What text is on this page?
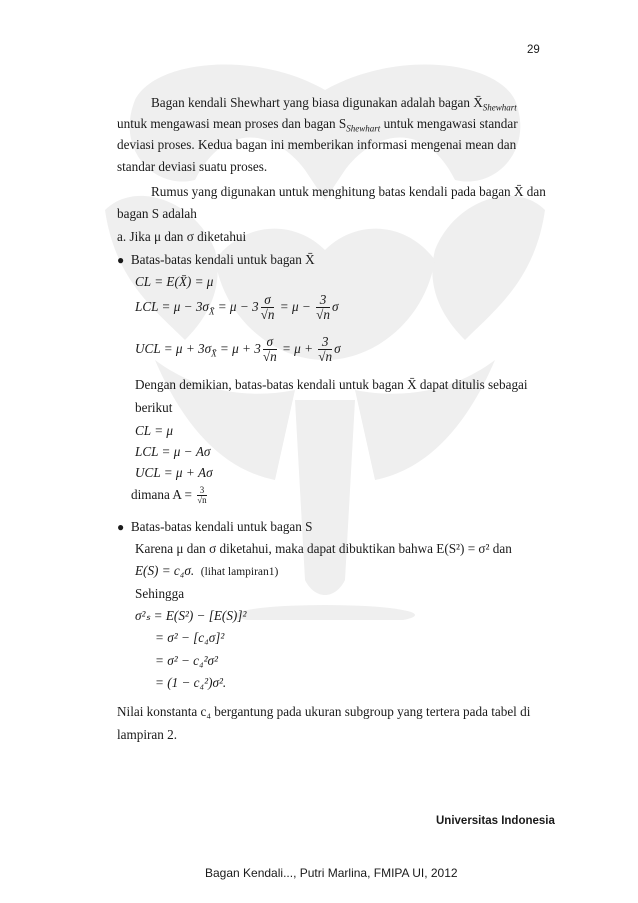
29
Bagan kendali Shewhart yang biasa digunakan adalah bagan $X̄_{Shewhart}$
untuk mengawasi mean proses dan bagan $S_{Shewhart}$ untuk mengawasi standar
deviasi proses. Kedua bagan ini memberikan informasi mengenai mean dan
standar deviasi suatu proses.
Rumus yang digunakan untuk menghitung batas kendali pada bagan X̄ dan
bagan S adalah
a. Jika μ dan σ diketahui
● Batas-batas kendali untuk bagan X̄
CL = E(X̄) = μ
LCL = $\mu - 3\sigma_{X̄} = \mu - 3 \frac{\sigma}{√n} = \mu - \frac{3}{√n}$ σ
UCL = $\mu + 3\sigma_{X̄} = \mu + 3 \frac{\sigma}{√n} = \mu + \frac{3}{√n}$ σ
Dengan demikian, batas-batas kendali untuk bagan X̄ dapat ditulis sebagai
berikut
CL = μ
LCL = μ − Aσ
UCL = μ + Aσ
dimana $A = \frac{3}{√n}$
● Batas-batas kendali untuk bagan S
Karena μ dan σ diketahui, maka dapat dibuktikan bahwa E(S²) = σ² dan
E(S) = c₄σ. (lihat lampiran1)
Sehingga
σ²ₛ = E(S²) − [E(S)]²
= σ² − [c₄σ]²
= σ² − c₄²σ²
= (1 − c₄²)σ².
Nilai konstanta c₄ bergantung pada ukuran subgroup yang tertera pada tabel di
lampiran 2.
Universitas Indonesia
Bagan Kendali..., Putri Marlina, FMIPA UI, 2012
